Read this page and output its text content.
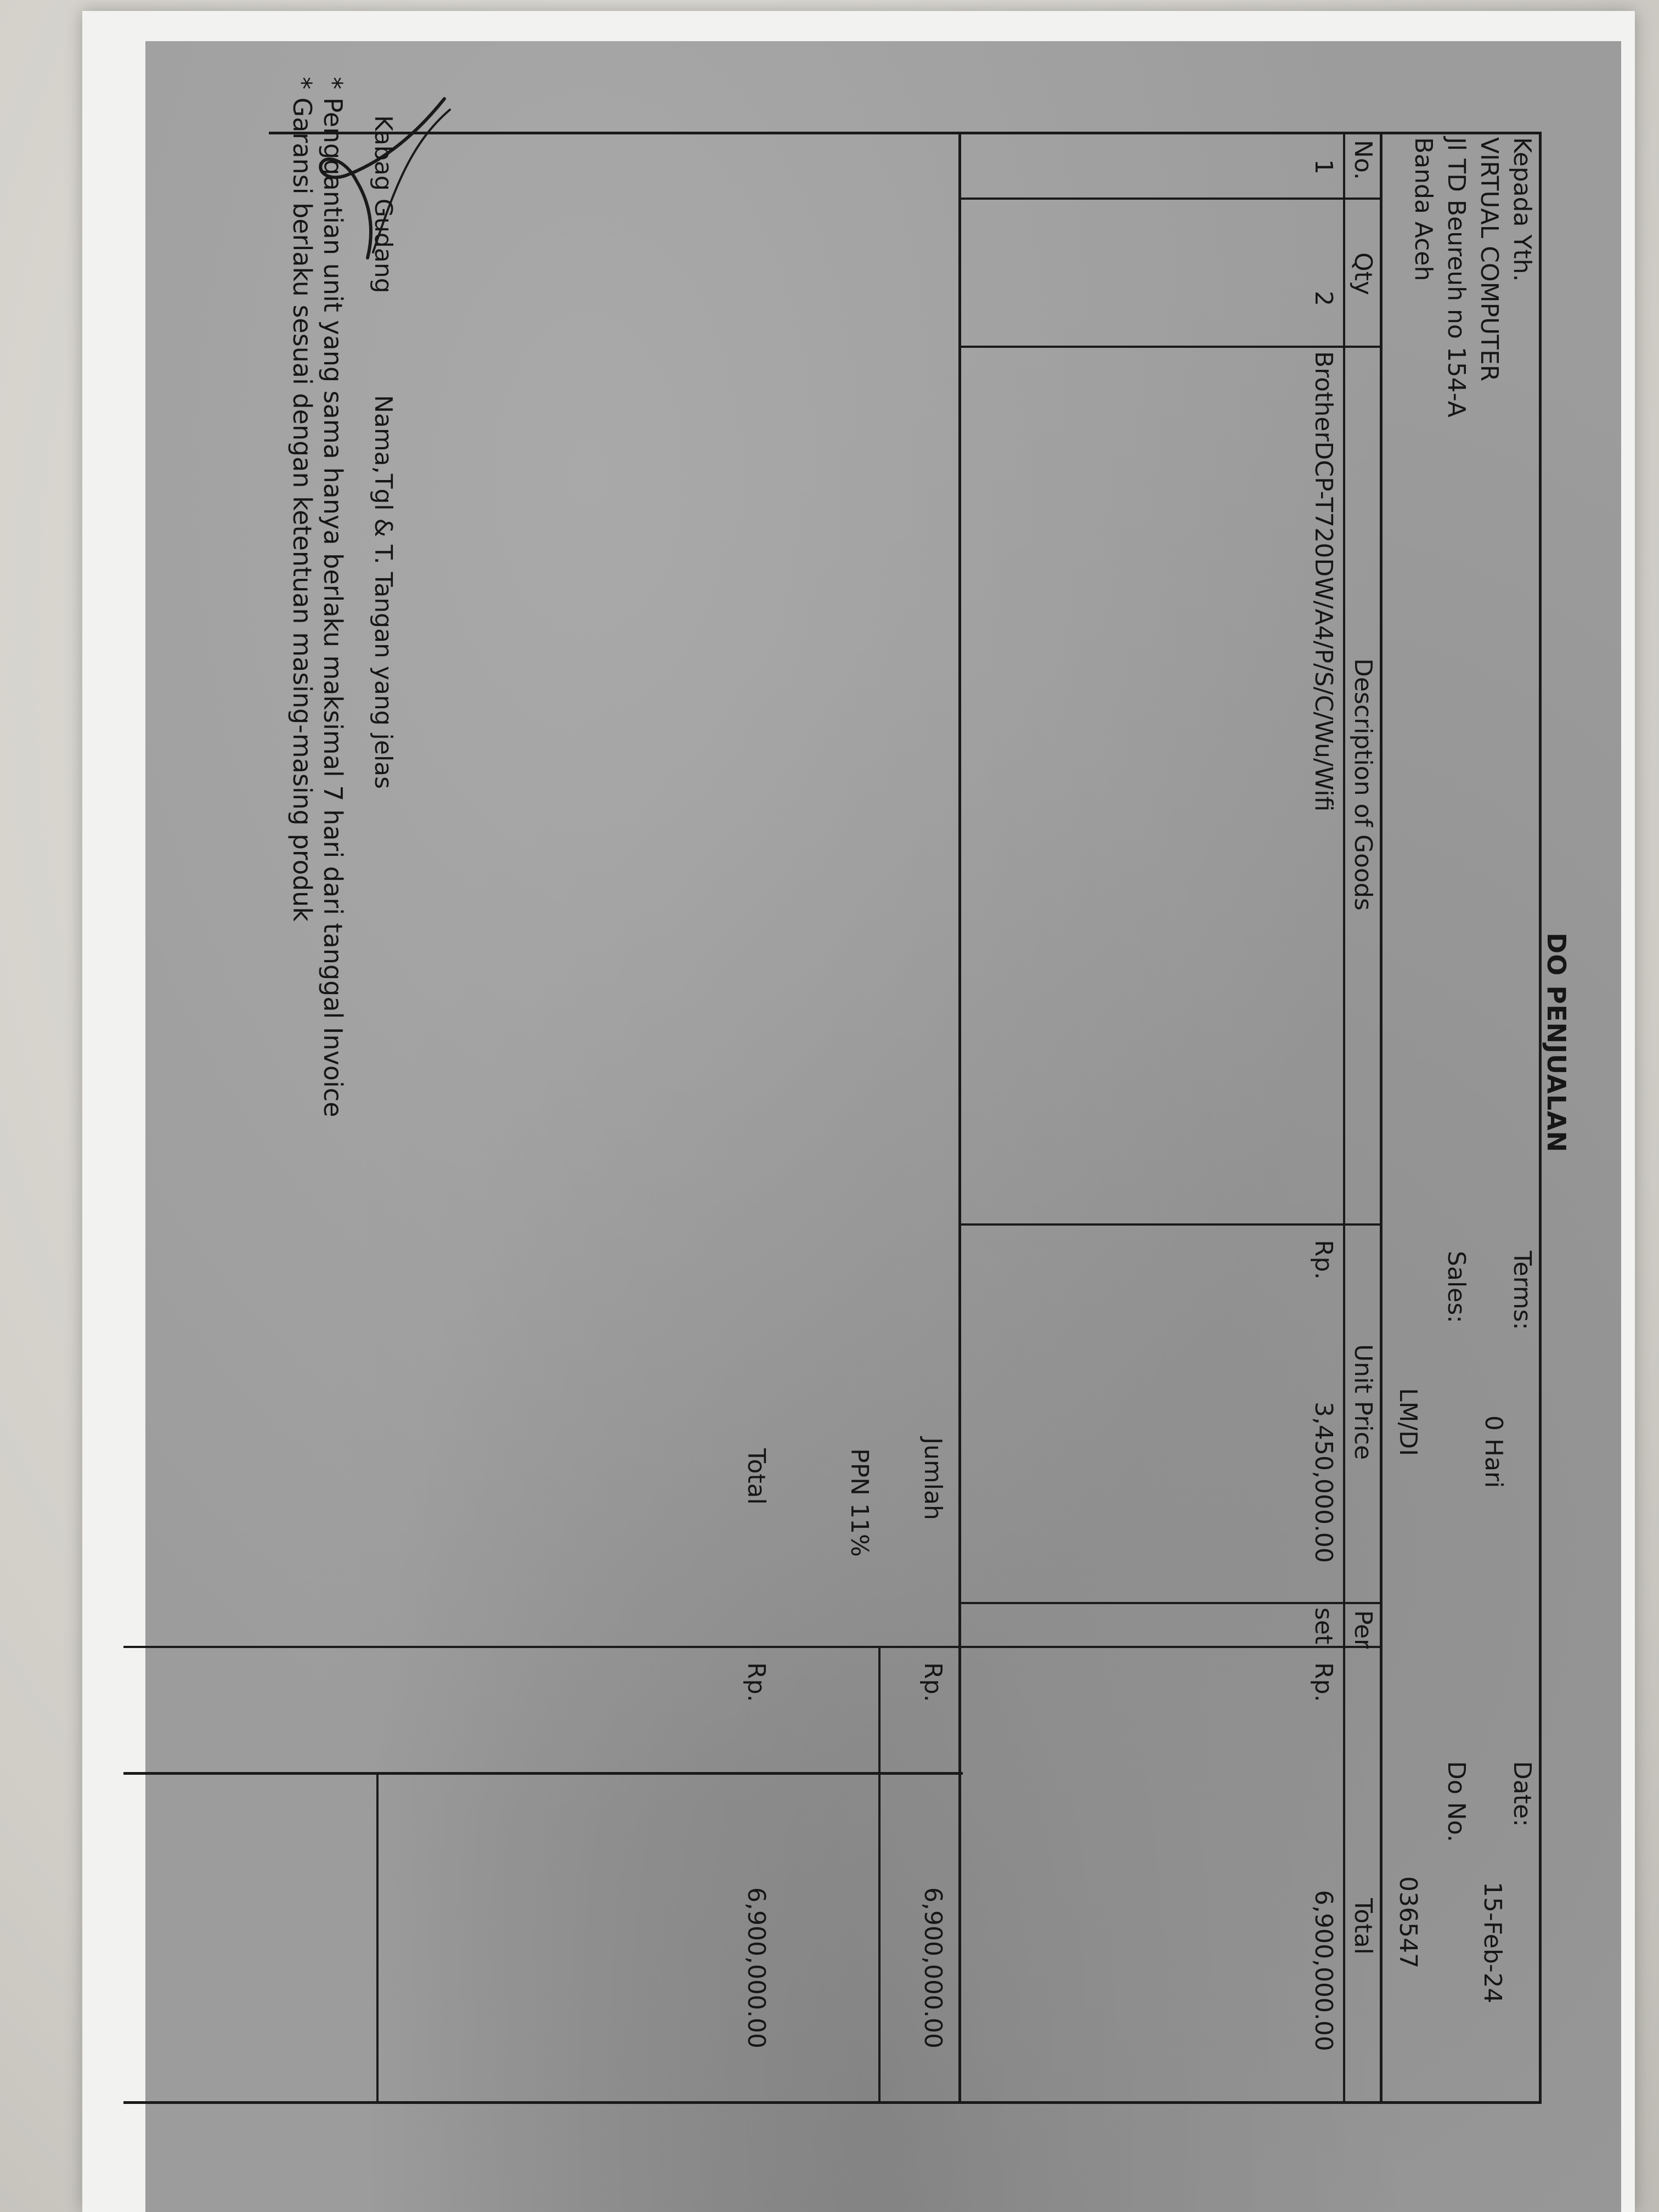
DO PENJUALAN
Kepada Yth.
VIRTUAL COMPUTER
Jl TD Beureuh no 154-A
Banda Aceh
Terms:
0 Hari
Sales:
LM/DI
Date:
15-Feb-24
Do No.
036547
No.
Qty
Description of Goods
Unit Price
Per
Total
1
2
BrotherDCP-T720DW/A4/P/S/C/Wu/Wifi
Rp.
3,450,000.00
set
Rp.
6,900,000.00
Jumlah
Rp.
6,900,000.00
PPN 11%
Total
Rp.
6,900,000.00
Kabag Gudang
Nama,Tgl & T. Tangan yang jelas
* Penggantian unit yang sama hanya berlaku maksimal 7 hari dari tanggal Invoice
* Garansi berlaku sesuai dengan ketentuan masing-masing produk
